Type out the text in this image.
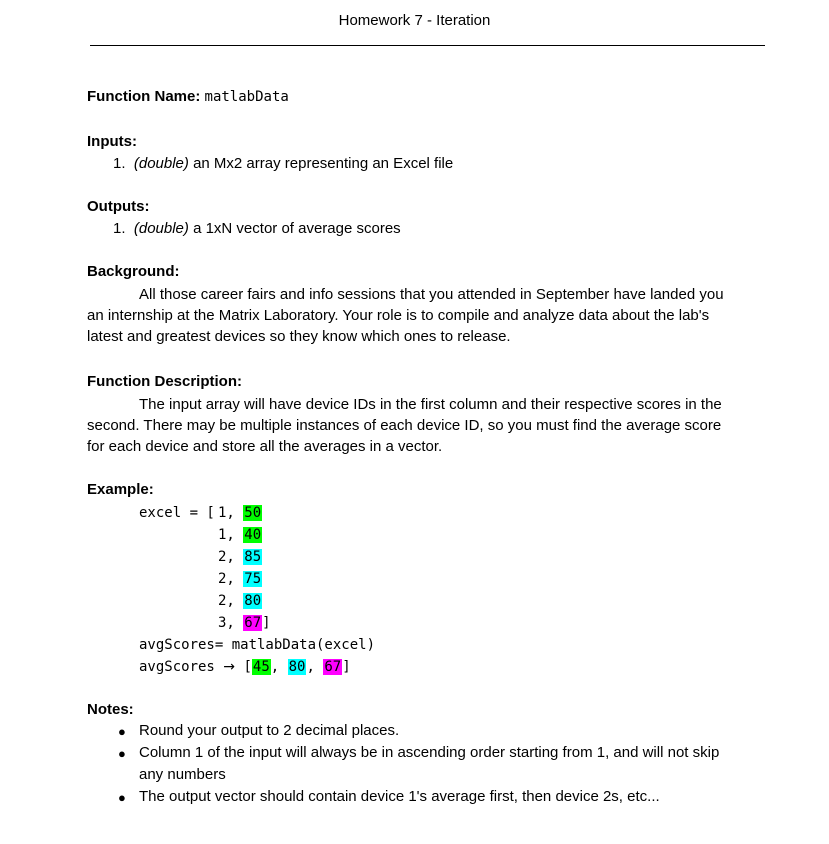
Homework 7 - Iteration
Function Name: matlabData
Inputs:
1. (double) an Mx2 array representing an Excel file
Outputs:
1. (double) a 1xN vector of average scores
Background:
All those career fairs and info sessions that you attended in September have landed you
an internship at the Matrix Laboratory. Your role is to compile and analyze data about the lab's
latest and greatest devices so they know which ones to release.
Function Description:
The input array will have device IDs in the first column and their respective scores in the
second. There may be multiple instances of each device ID, so you must find the average score
for each device and store all the averages in a vector.
Example:
excel = [ 1, 50
1, 40
2, 85
2, 75
2, 80
3, 67]
avgScores= matlabData(excel)
avgScores → [45, 80, 67]
Notes:
● Round your output to 2 decimal places.
● Column 1 of the input will always be in ascending order starting from 1, and will not skip
any numbers
● The output vector should contain device 1's average first, then device 2s, etc...
